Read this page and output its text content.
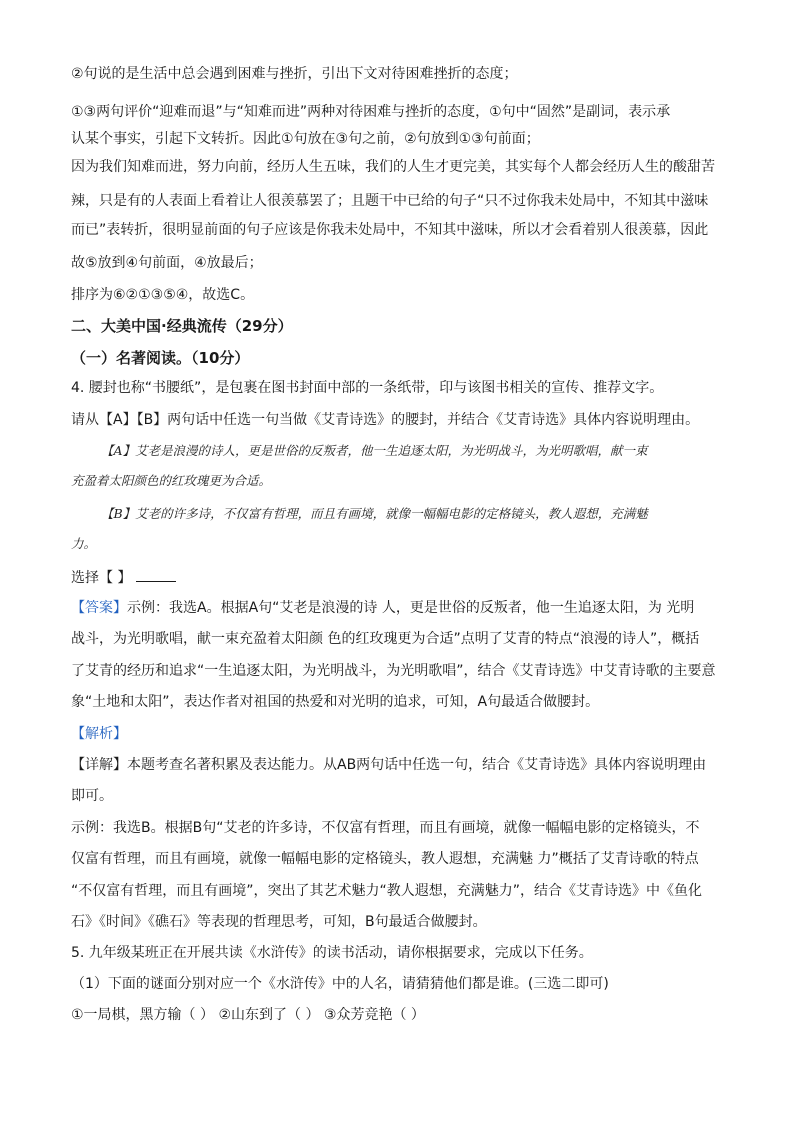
②句说的是生活中总会遇到困难与挫折，引出下文对待困难挫折的态度；
①③两句评价“迎难而退”与“知难而进”两种对待困难与挫折的态度，①句中“固然”是副词，表示承
认某个事实，引起下文转折。因此①句放在③句之前，②句放到①③句前面；
因为我们知难而进，努力向前，经历人生五味，我们的人生才更完美，其实每个人都会经历人生的酸甜苦
辣，只是有的人表面上看着让人很羡慕罢了；且题干中已给的句子“只不过你我未处局中，不知其中滋味
而已”表转折，很明显前面的句子应该是你我未处局中，不知其中滋味，所以才会看着别人很羡慕，因此
故⑤放到④句前面，④放最后；
排序为⑥②①③⑤④，故选C。
二、大美中国·经典流传（29分）
（一）名著阅读。（10分）
4. 腰封也称“书腰纸”，是包裹在图书封面中部的一条纸带，印与该图书相关的宣传、推荐文字。
请从【A】【B】两句话中任选一句当做《艾青诗选》的腰封，并结合《艾青诗选》具体内容说明理由。
【A】艾老是浪漫的诗人，更是世俗的反叛者，他一生追逐太阳，为光明战斗，为光明歌唱，献一束
充盈着太阳颜色的红玫瑰更为合适。
【B】艾老的许多诗，不仅富有哲理，而且有画境，就像一幅幅电影的定格镜头，教人遐想，充满魅
力。
选择【 】
【答案】示例：我选A。根据A句“艾老是浪漫的诗 人，更是世俗的反叛者，他一生追逐太阳，为 光明
战斗，为光明歌唱，献一束充盈着太阳颜 色的红玫瑰更为合适”点明了艾青的特点“浪漫的诗人”，概括
了艾青的经历和追求“一生追逐太阳，为光明战斗，为光明歌唱”，结合《艾青诗选》中艾青诗歌的主要意
象“土地和太阳”，表达作者对祖国的热爱和对光明的追求，可知，A句最适合做腰封。
【解析】
【详解】本题考查名著积累及表达能力。从AB两句话中任选一句，结合《艾青诗选》具体内容说明理由
即可。
示例：我选B。根据B句“艾老的许多诗，不仅富有哲理，而且有画境，就像一幅幅电影的定格镜头，不
仅富有哲理，而且有画境，就像一幅幅电影的定格镜头，教人遐想，充满魅 力”概括了艾青诗歌的特点
“不仅富有哲理，而且有画境”，突出了其艺术魅力“教人遐想，充满魅力”，结合《艾青诗选》中《鱼化
石》《时间》《礁石》等表现的哲理思考，可知，B句最适合做腰封。
5. 九年级某班正在开展共读《水浒传》的读书活动，请你根据要求，完成以下任务。
（1）下面的谜面分别对应一个《水浒传》中的人名，请猜猜他们都是谁。(三选二即可)
①一局棋，黑方输（ ） ②山东到了（ ） ③众芳竞艳（ ）
